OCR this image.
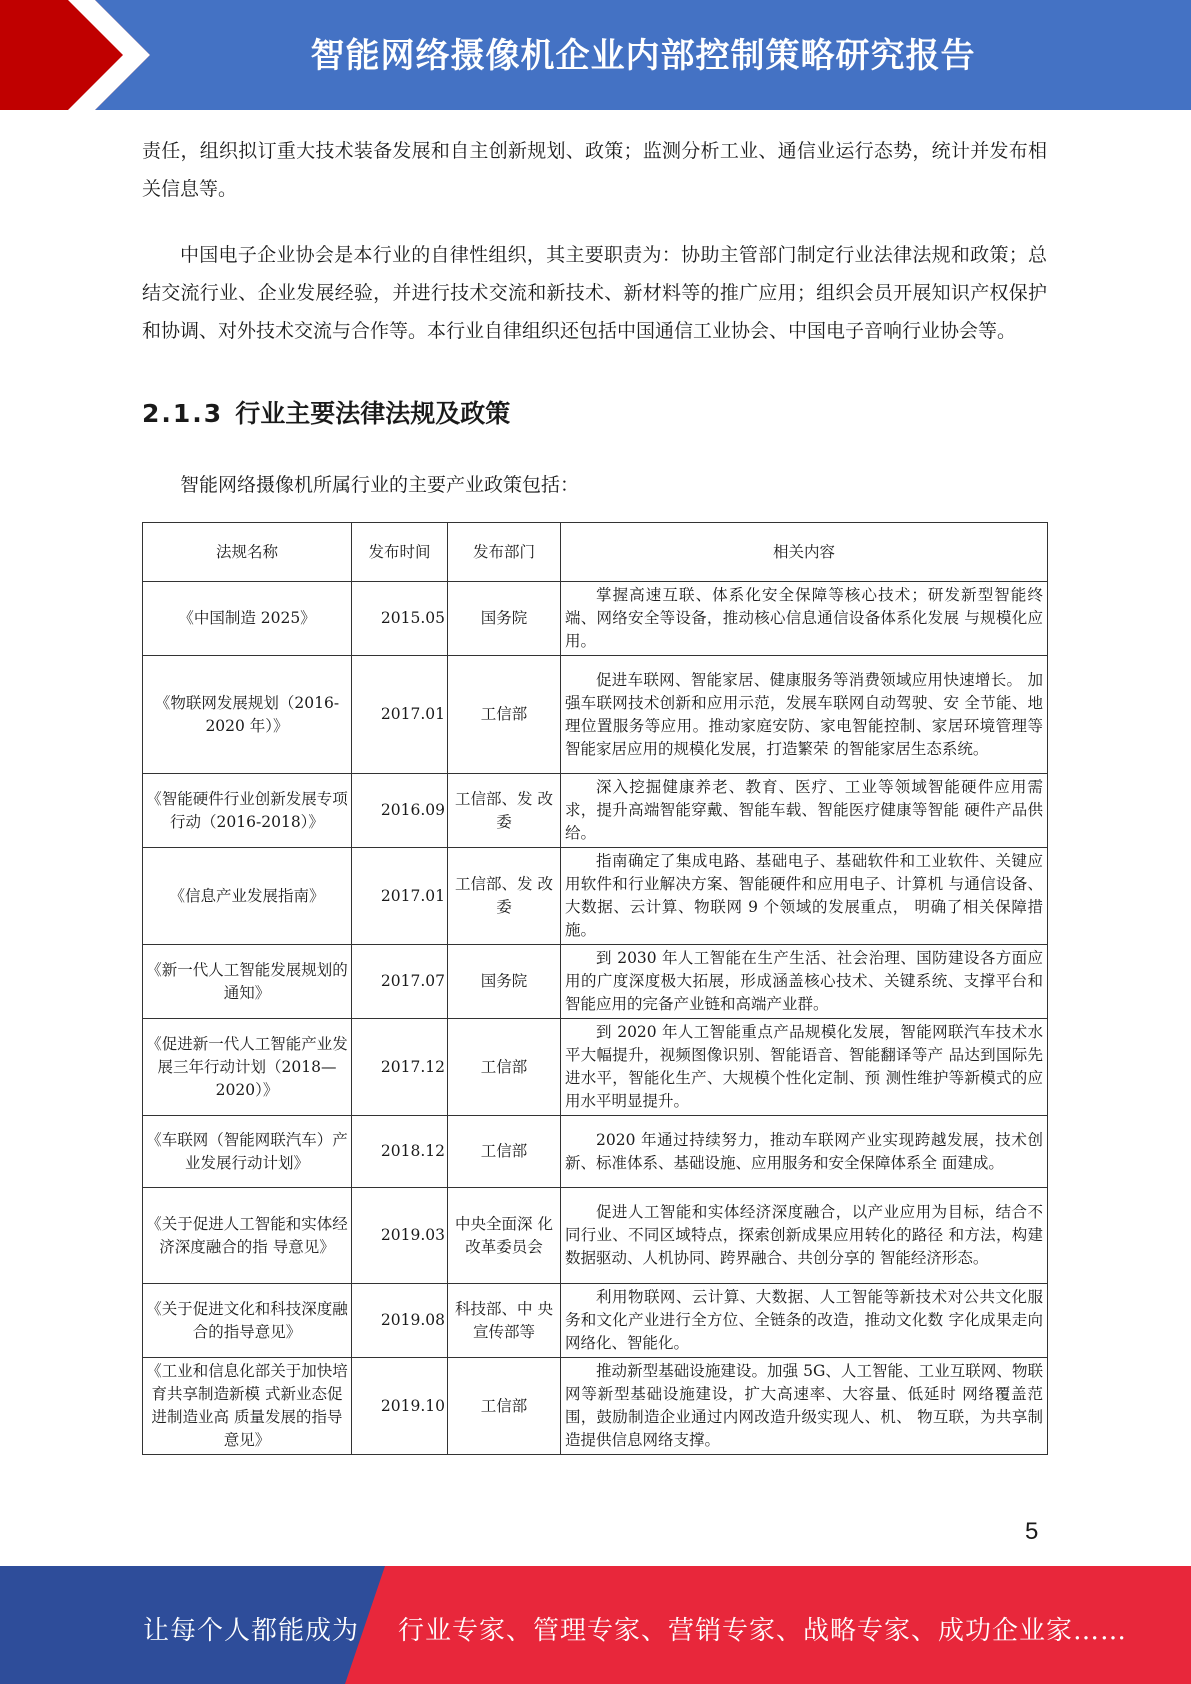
智能网络摄像机企业内部控制策略研究报告

责任，组织拟订重大技术装备发展和自主创新规划、政策；监测分析工业、通信业运行态势，统计并发布相关信息等。

中国电子企业协会是本行业的自律性组织，其主要职责为：协助主管部门制定行业法律法规和政策；总结交流行业、企业发展经验，并进行技术交流和新技术、新材料等的推广应用；组织会员开展知识产权保护和协调、对外技术交流与合作等。本行业自律组织还包括中国通信工业协会、中国电子音响行业协会等。

2.1.3 行业主要法律法规及政策

智能网络摄像机所属行业的主要产业政策包括：

法规名称	发布时间	发布部门	相关内容
《中国制造 2025》	2015.05	国务院	掌握高速互联、体系化安全保障等核心技术；研发新型智能终端、网络安全等设备，推动核心信息通信设备体系化发展 与规模化应用。
《物联网发展规划（2016-2020 年）》	2017.01	工信部	促进车联网、智能家居、健康服务等消费领域应用快速增长。 加强车联网技术创新和应用示范，发展车联网自动驾驶、安 全节能、地理位置服务等应用。推动家庭安防、家电智能控制、家居环境管理等智能家居应用的规模化发展，打造繁荣 的智能家居生态系统。
《智能硬件行业创新发展专项行动（2016-2018）》	2016.09	工信部、发 改委	深入挖掘健康养老、教育、医疗、工业等领域智能硬件应用需求，提升高端智能穿戴、智能车载、智能医疗健康等智能 硬件产品供给。
《信息产业发展指南》	2017.01	工信部、发 改委	指南确定了集成电路、基础电子、基础软件和工业软件、关键应用软件和行业解决方案、智能硬件和应用电子、计算机 与通信设备、大数据、云计算、物联网 9 个领域的发展重点， 明确了相关保障措施。
《新一代人工智能发展规划的通知》	2017.07	国务院	到 2030 年人工智能在生产生活、社会治理、国防建设各方面应用的广度深度极大拓展，形成涵盖核心技术、关键系统、支撑平台和智能应用的完备产业链和高端产业群。
《促进新一代人工智能产业发展三年行动计划（2018—2020）》	2017.12	工信部	到 2020 年人工智能重点产品规模化发展，智能网联汽车技术水平大幅提升，视频图像识别、智能语音、智能翻译等产 品达到国际先进水平，智能化生产、大规模个性化定制、预 测性维护等新模式的应用水平明显提升。
《车联网（智能网联汽车）产业发展行动计划》	2018.12	工信部	2020 年通过持续努力，推动车联网产业实现跨越发展，技术创新、标准体系、基础设施、应用服务和安全保障体系全 面建成。
《关于促进人工智能和实体经济深度融合的指 导意见》	2019.03	中央全面深 化改革委员会	促进人工智能和实体经济深度融合，以产业应用为目标，结合不同行业、不同区域特点，探索创新成果应用转化的路径 和方法，构建数据驱动、人机协同、跨界融合、共创分享的 智能经济形态。
《关于促进文化和科技深度融合的指导意见》	2019.08	科技部、中 央宣传部等	利用物联网、云计算、大数据、人工智能等新技术对公共文化服务和文化产业进行全方位、全链条的改造，推动文化数 字化成果走向网络化、智能化。
《工业和信息化部关于加快培育共享制造新模 式新业态促进制造业高 质量发展的指导意见》	2019.10	工信部	推动新型基础设施建设。加强 5G、人工智能、工业互联网、物联网等新型基础设施建设，扩大高速率、大容量、低延时 网络覆盖范围，鼓励制造企业通过内网改造升级实现人、机、 物互联，为共享制造提供信息网络支撑。
5
让每个人都能成为 行业专家、管理专家、营销专家、战略专家、成功企业家……
